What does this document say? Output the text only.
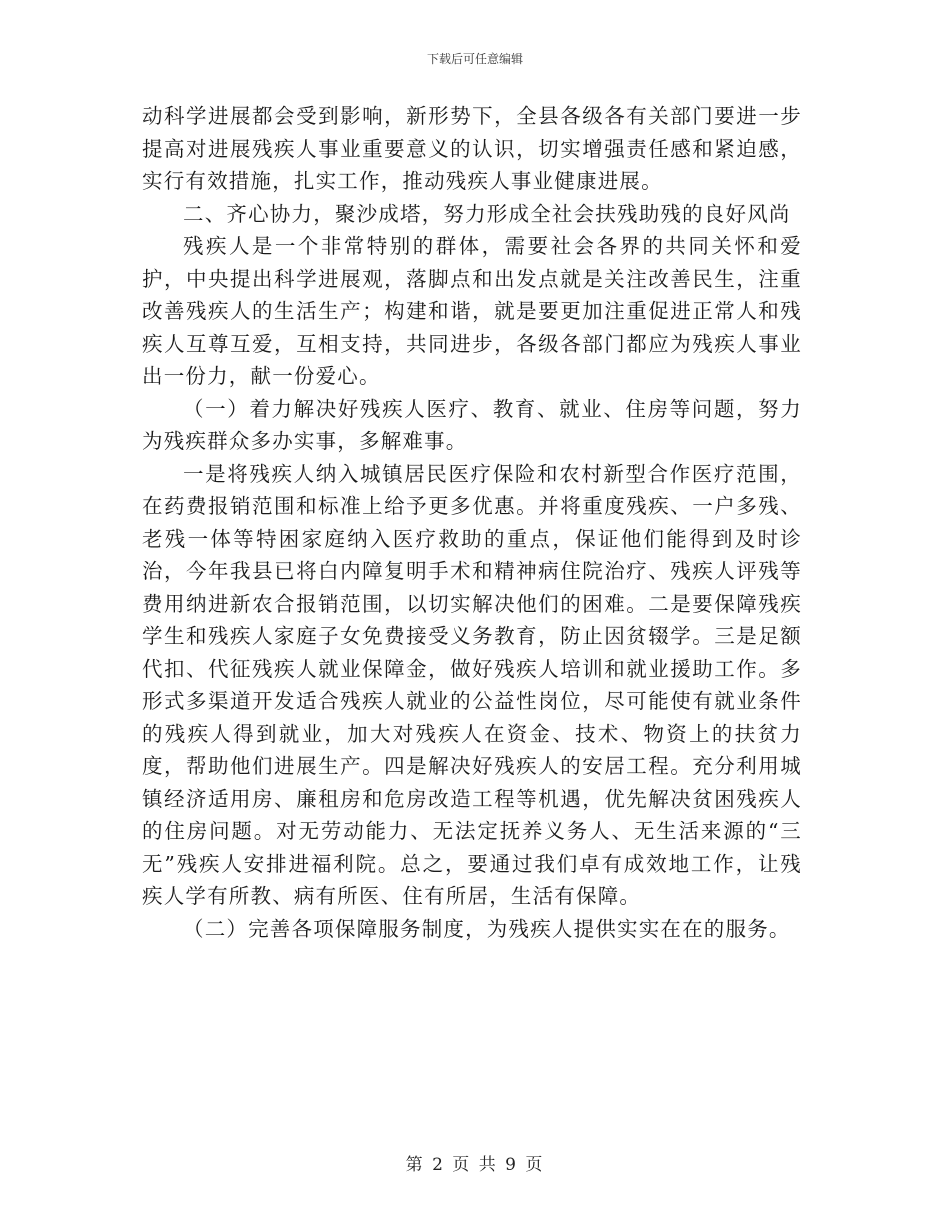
下载后可任意编辑

动科学进展都会受到影响，新形势下，全县各级各有关部门要进一步提高对进展残疾人事业重要意义的认识，切实增强责任感和紧迫感，实行有效措施，扎实工作，推动残疾人事业健康进展。

二、齐心协力，聚沙成塔，努力形成全社会扶残助残的良好风尚

残疾人是一个非常特别的群体，需要社会各界的共同关怀和爱护，中央提出科学进展观，落脚点和出发点就是关注改善民生，注重改善残疾人的生活生产；构建和谐，就是要更加注重促进正常人和残疾人互尊互爱，互相支持，共同进步，各级各部门都应为残疾人事业出一份力，献一份爱心。

（一）着力解决好残疾人医疗、教育、就业、住房等问题，努力为残疾群众多办实事，多解难事。

一是将残疾人纳入城镇居民医疗保险和农村新型合作医疗范围，在药费报销范围和标准上给予更多优惠。并将重度残疾、一户多残、老残一体等特困家庭纳入医疗救助的重点，保证他们能得到及时诊治，今年我县已将白内障复明手术和精神病住院治疗、残疾人评残等费用纳进新农合报销范围，以切实解决他们的困难。二是要保障残疾学生和残疾人家庭子女免费接受义务教育，防止因贫辍学。三是足额代扣、代征残疾人就业保障金，做好残疾人培训和就业援助工作。多形式多渠道开发适合残疾人就业的公益性岗位，尽可能使有就业条件的残疾人得到就业，加大对残疾人在资金、技术、物资上的扶贫力度，帮助他们进展生产。四是解决好残疾人的安居工程。充分利用城镇经济适用房、廉租房和危房改造工程等机遇，优先解决贫困残疾人的住房问题。对无劳动能力、无法定抚养义务人、无生活来源的“三无”残疾人安排进福利院。总之，要通过我们卓有成效地工作，让残疾人学有所教、病有所医、住有所居，生活有保障。

（二）完善各项保障服务制度，为残疾人提供实实在在的服务。

第 2 页 共 9 页
